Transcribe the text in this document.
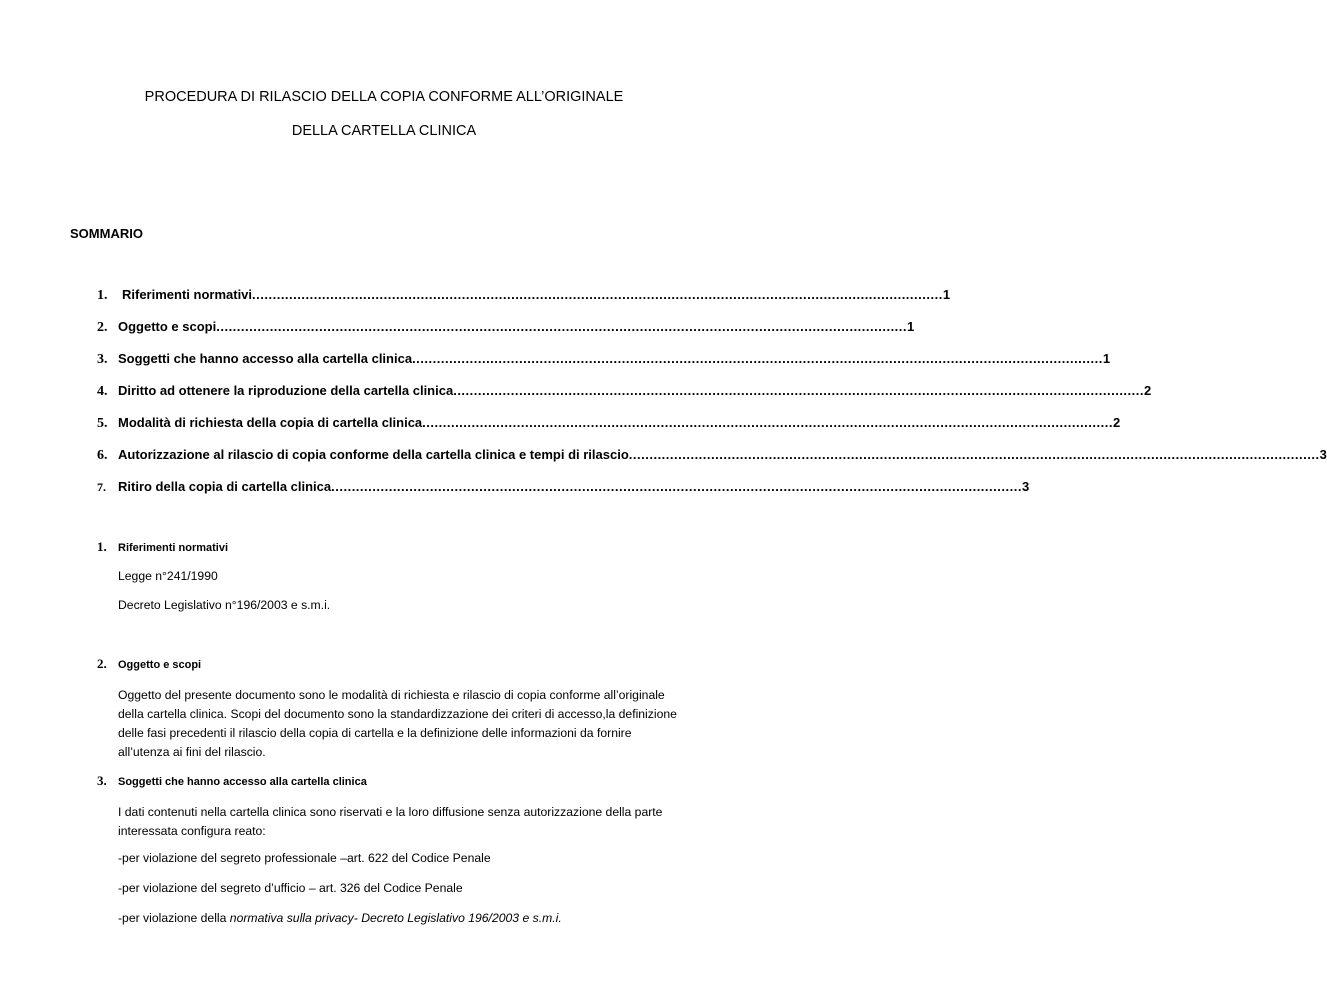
PROCEDURA DI RILASCIO DELLA COPIA CONFORME ALL’ORIGINALE
DELLA CARTELLA CLINICA
SOMMARIO
1.	Riferimenti normativi ........................................................................................................................................................................ 1
2. Oggetto e scopi ........................................................................................................................................................................ 1
3. Soggetti che hanno accesso alla cartella clinica ........................................................................................................................................................................ 1
4. Diritto ad ottenere la riproduzione della cartella clinica ........................................................................................................................................................................ 2
5. Modalità di richiesta della copia di cartella clinica ........................................................................................................................................................................ 2
6. Autorizzazione al rilascio di copia conforme della cartella clinica e tempi di rilascio ........................................................................................................................................................................ 3
7. Ritiro della copia di cartella clinica ........................................................................................................................................................................ 3
1.	Riferimenti normativi
Legge n°241/1990
Decreto Legislativo n°196/2003 e s.m.i.
2.	Oggetto e scopi
Oggetto del presente documento sono le modalità di richiesta e rilascio di copia conforme all’originale della cartella clinica. Scopi del documento sono la standardizzazione dei criteri di accesso,la definizione delle fasi precedenti il rilascio della copia di cartella e la definizione delle informazioni da fornire all’utenza ai fini del rilascio.
3.	Soggetti che hanno accesso alla cartella clinica
I dati contenuti nella cartella clinica sono riservati e la loro diffusione senza autorizzazione della parte interessata configura reato:
-per violazione del segreto professionale –art. 622 del Codice Penale
-per violazione del segreto d’ufficio – art. 326 del Codice Penale
-per violazione della normativa sulla privacy- Decreto Legislativo 196/2003 e s.m.i.
